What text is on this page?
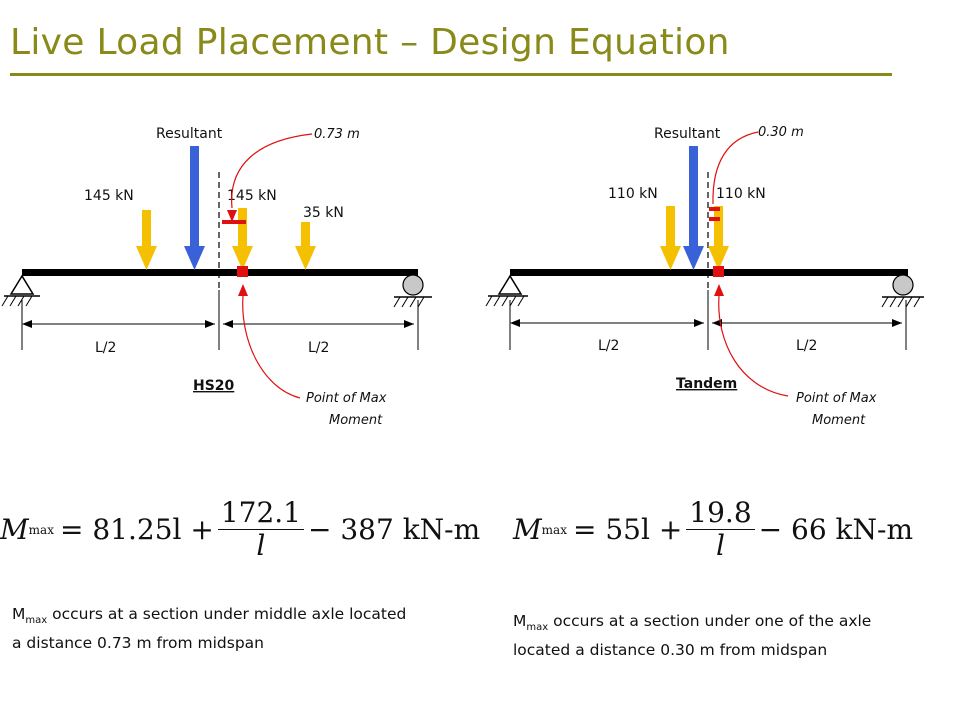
Live Load Placement – Design Equation
L/2	L/2
Resultant
145 kN	145 kN
35 kN
0.73 m
Point of Max
Moment
HS20
L/2	L/2
Resultant
110 kN	110 kN
0.30 m
Point of Max
Moment
Tandem
M $\max = 81.25l + \frac{172.1}{l} - 387$ kN-m M $\max = 55l + \frac{19.8}{l} - 66$ kN-m
$M_{max}$ occurs at a section under middle axle located a distance 0.73 m from midspan
$M_{max}$ occurs at a section under one of the axle located a distance 0.30 m from midspan
